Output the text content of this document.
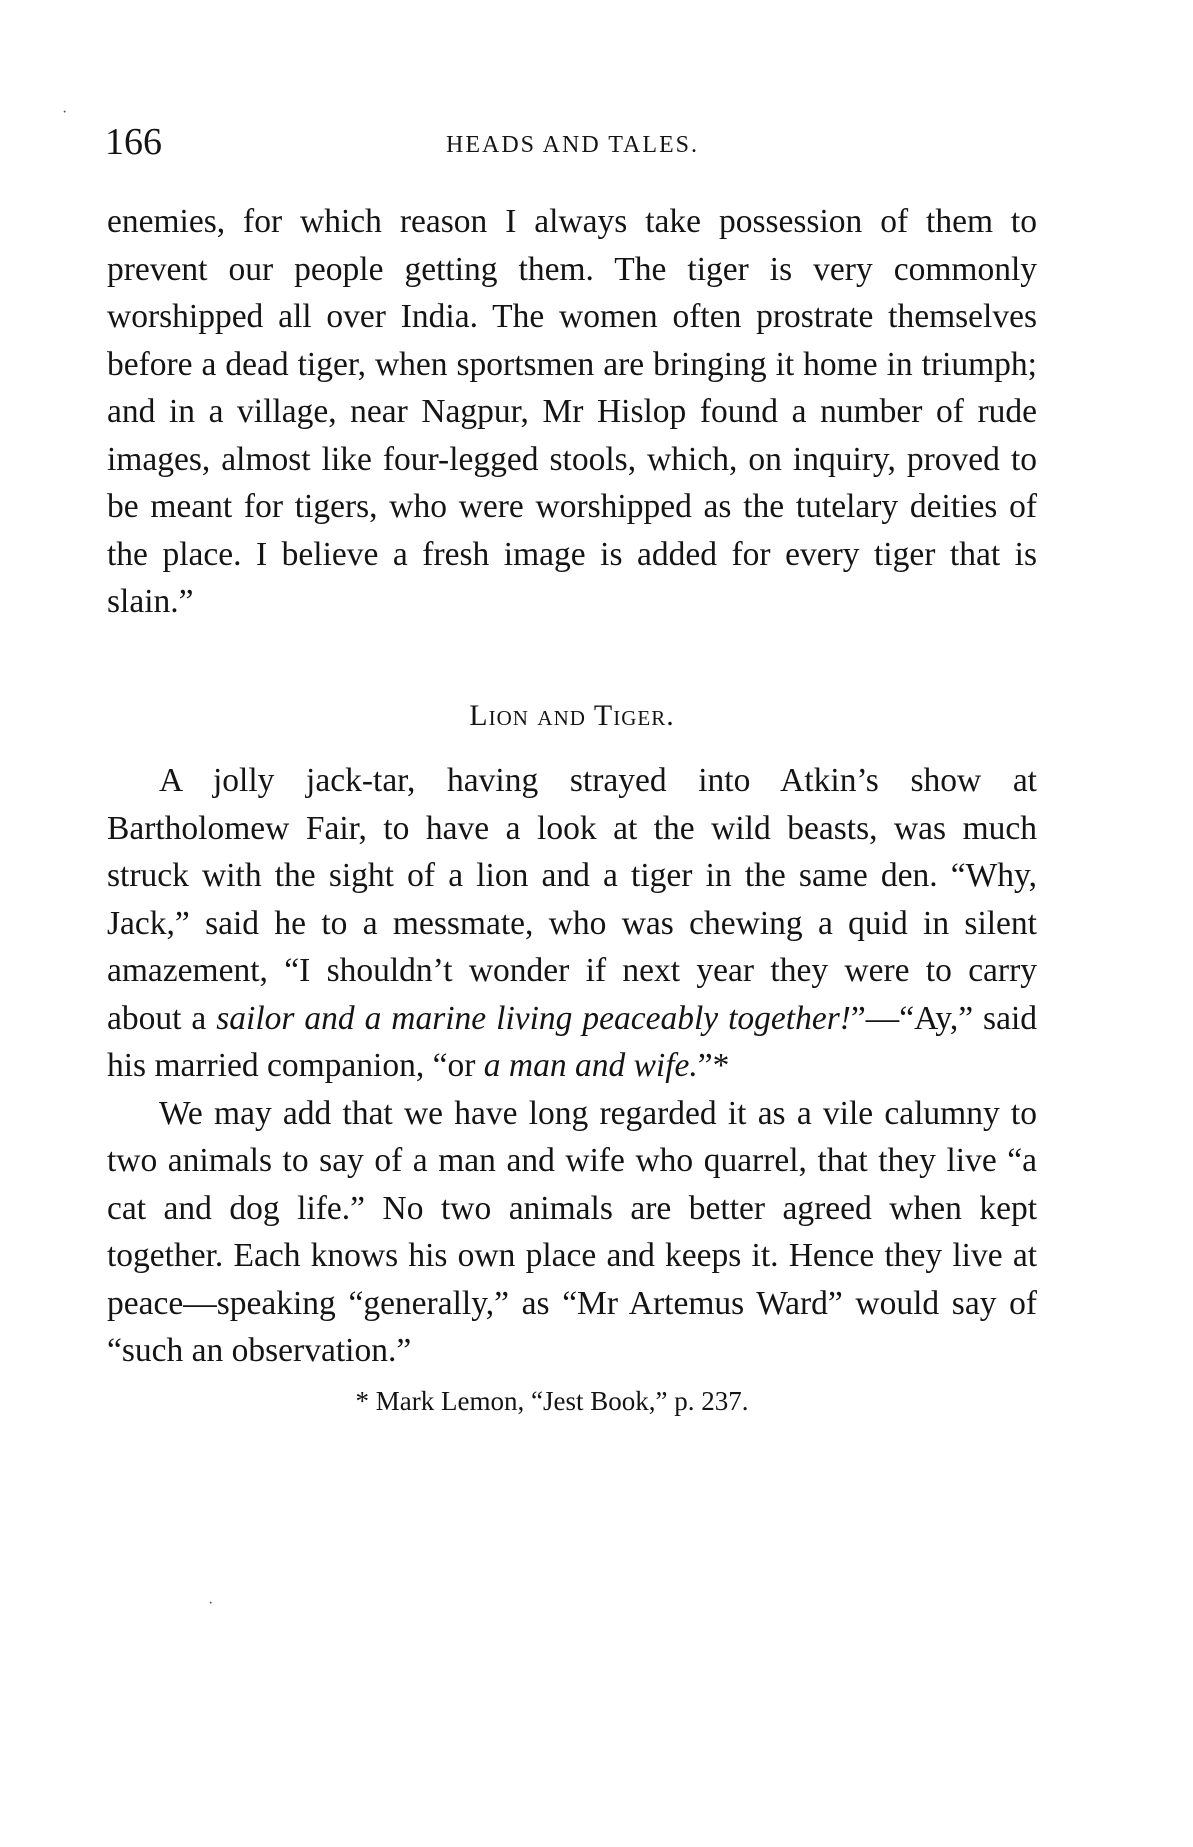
166	HEADS AND TALES.

enemies, for which reason I always take possession of them to prevent our people getting them. The tiger is very commonly worshipped all over India. The women often prostrate themselves before a dead tiger, when sportsmen are bringing it home in triumph; and in a village, near Nagpur, Mr Hislop found a number of rude images, almost like four-legged stools, which, on inquiry, proved to be meant for tigers, who were worshipped as the tutelary deities of the place. I believe a fresh image is added for every tiger that is slain.”

Lion and Tiger.

A jolly jack-tar, having strayed into Atkin’s show at Bartholomew Fair, to have a look at the wild beasts, was much struck with the sight of a lion and a tiger in the same den. “Why, Jack,” said he to a messmate, who was chewing a quid in silent amazement, “I shouldn’t wonder if next year they were to carry about a sailor and a marine living peaceably together!”—“Ay,” said his married companion, “or a man and wife.”*

We may add that we have long regarded it as a vile calumny to two animals to say of a man and wife who quarrel, that they live “a cat and dog life.” No two animals are better agreed when kept together. Each knows his own place and keeps it. Hence they live at peace—speaking “generally,” as “Mr Artemus Ward” would say of “such an observation.”

* Mark Lemon, “Jest Book,” p. 237.

·
·
